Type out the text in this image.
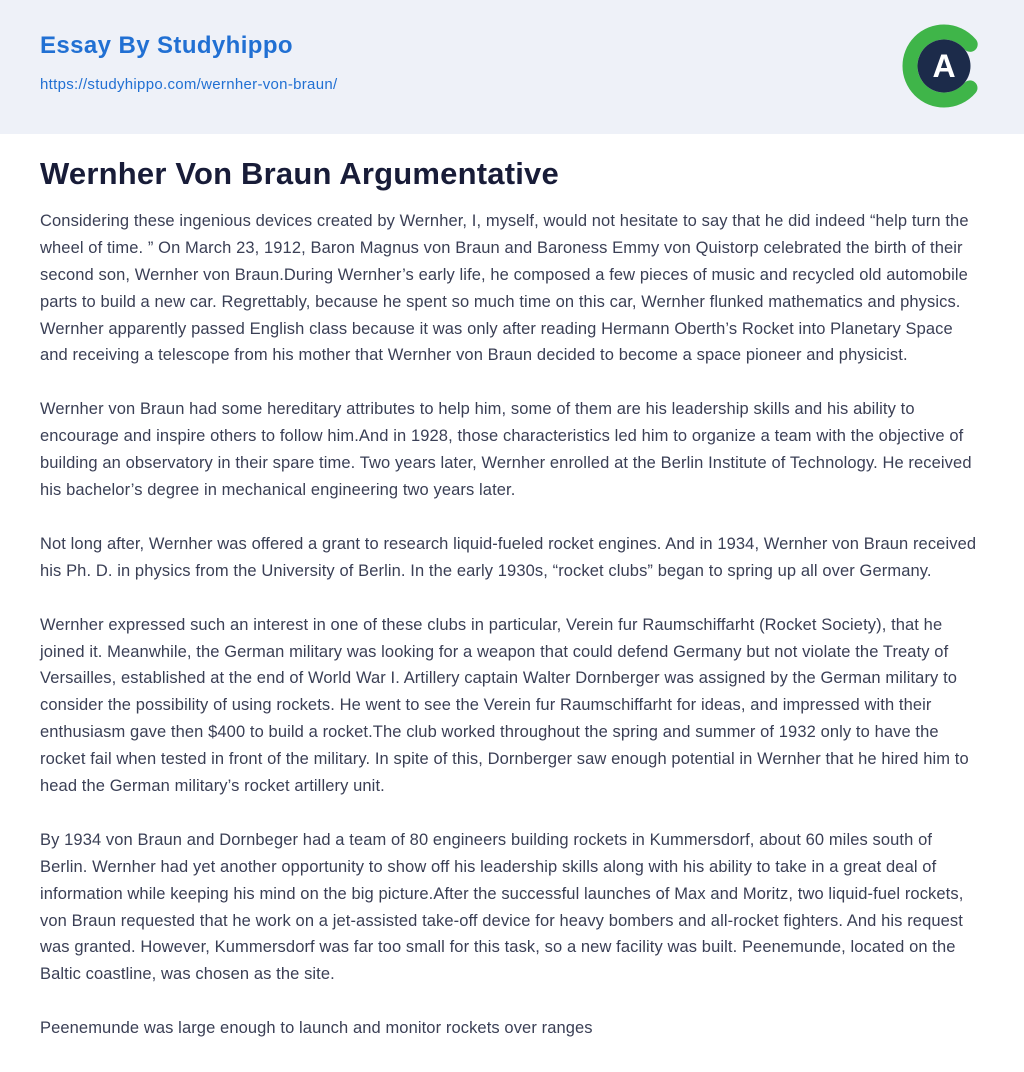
Essay By Studyhippo
https://studyhippo.com/wernher-von-braun/
A
Wernher Von Braun Argumentative

Considering these ingenious devices created by Wernher, I, myself, would not hesitate to say that he did indeed “help turn the wheel of time. ” On March 23, 1912, Baron Magnus von Braun and Baroness Emmy von Quistorp celebrated the birth of their second son, Wernher von Braun.During Wernher’s early life, he composed a few pieces of music and recycled old automobile parts to build a new car. Regrettably, because he spent so much time on this car, Wernher flunked mathematics and physics. Wernher apparently passed English class because it was only after reading Hermann Oberth’s Rocket into Planetary Space and receiving a telescope from his mother that Wernher von Braun decided to become a space pioneer and physicist.

Wernher von Braun had some hereditary attributes to help him, some of them are his leadership skills and his ability to encourage and inspire others to follow him.And in 1928, those characteristics led him to organize a team with the objective of building an observatory in their spare time. Two years later, Wernher enrolled at the Berlin Institute of Technology. He received his bachelor’s degree in mechanical engineering two years later.

Not long after, Wernher was offered a grant to research liquid-fueled rocket engines. And in 1934, Wernher von Braun received his Ph. D. in physics from the University of Berlin. In the early 1930s, “rocket clubs” began to spring up all over Germany.

Wernher expressed such an interest in one of these clubs in particular, Verein fur Raumschiffarht (Rocket Society), that he joined it. Meanwhile, the German military was looking for a weapon that could defend Germany but not violate the Treaty of Versailles, established at the end of World War I. Artillery captain Walter Dornberger was assigned by the German military to consider the possibility of using rockets. He went to see the Verein fur Raumschiffarht for ideas, and impressed with their enthusiasm gave then $400 to build a rocket.The club worked throughout the spring and summer of 1932 only to have the rocket fail when tested in front of the military. In spite of this, Dornberger saw enough potential in Wernher that he hired him to head the German military’s rocket artillery unit.

By 1934 von Braun and Dornbeger had a team of 80 engineers building rockets in Kummersdorf, about 60 miles south of Berlin. Wernher had yet another opportunity to show off his leadership skills along with his ability to take in a great deal of information while keeping his mind on the big picture.After the successful launches of Max and Moritz, two liquid-fuel rockets, von Braun requested that he work on a jet-assisted take-off device for heavy bombers and all-rocket fighters. And his request was granted. However, Kummersdorf was far too small for this task, so a new facility was built. Peenemunde, located on the Baltic coastline, was chosen as the site.

Peenemunde was large enough to launch and monitor rockets over ranges
